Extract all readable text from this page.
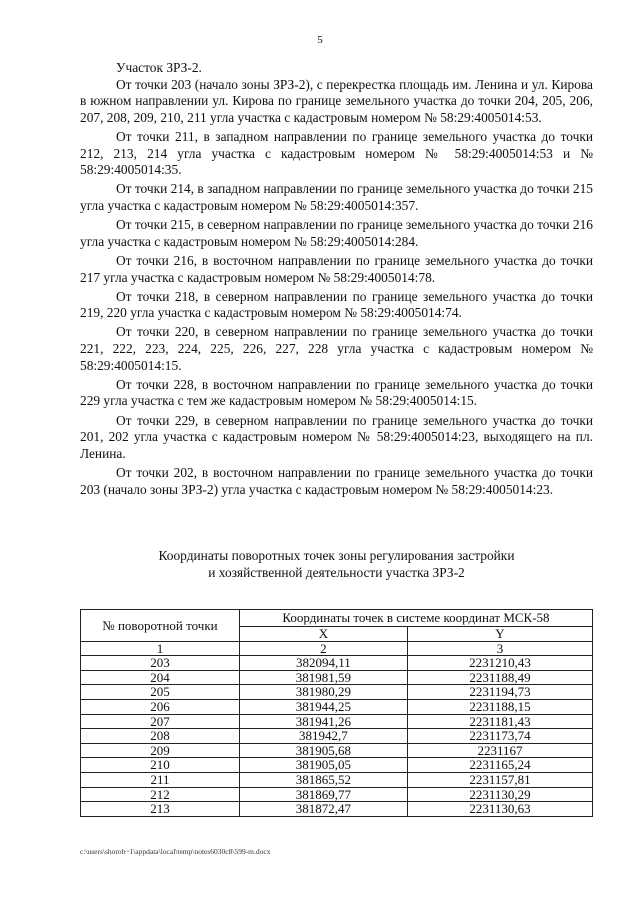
5

Участок ЗРЗ-2.

От точки 203 (начало зоны ЗРЗ-2), с перекрестка площадь им. Ленина и ул. Кирова в южном направлении ул. Кирова по границе земельного участка до точки 204, 205, 206, 207, 208, 209, 210, 211 угла участка с кадастровым номером № 58:29:4005014:53.

От точки 211, в западном направлении по границе земельного участка до точки 212, 213, 214 угла участка с кадастровым номером № 58:29:4005014:53 и № 58:29:4005014:35.

От точки 214, в западном направлении по границе земельного участка до точки 215 угла участка с кадастровым номером № 58:29:4005014:357.

От точки 215, в северном направлении по границе земельного участка до точки 216 угла участка с кадастровым номером № 58:29:4005014:284.

От точки 216, в восточном направлении по границе земельного участка до точки 217 угла участка с кадастровым номером № 58:29:4005014:78.

От точки 218, в северном направлении по границе земельного участка до точки 219, 220 угла участка с кадастровым номером № 58:29:4005014:74.

От точки 220, в северном направлении по границе земельного участка до точки 221, 222, 223, 224, 225, 226, 227, 228 угла участка с кадастровым номером № 58:29:4005014:15.

От точки 228, в восточном направлении по границе земельного участка до точки 229 угла участка с тем же кадастровым номером № 58:29:4005014:15.

От точки 229, в северном направлении по границе земельного участка до точки 201, 202 угла участка с кадастровым номером № 58:29:4005014:23, выходящего на пл. Ленина.

От точки 202, в восточном направлении по границе земельного участка до точки 203 (начало зоны ЗРЗ-2) угла участка с кадастровым номером № 58:29:4005014:23.

Координаты поворотных точек зоны регулирования застройки
и хозяйственной деятельности участка ЗРЗ-2
№ поворотной точки	Координаты точек в системе координат МСК-58	
	X	Y
1	2	3
203	382094,11	2231210,43
204	381981,59	2231188,49
205	381980,29	2231194,73
206	381944,25	2231188,15
207	381941,26	2231181,43
208	381942,7	2231173,74
209	381905,68	2231167
210	381905,05	2231165,24
211	381865,52	2231157,81
212	381869,77	2231130,29
213	381872,47	2231130,63
c:\users\shoroh~1\appdata\local\temp\notes6030c8\599-m.docx
